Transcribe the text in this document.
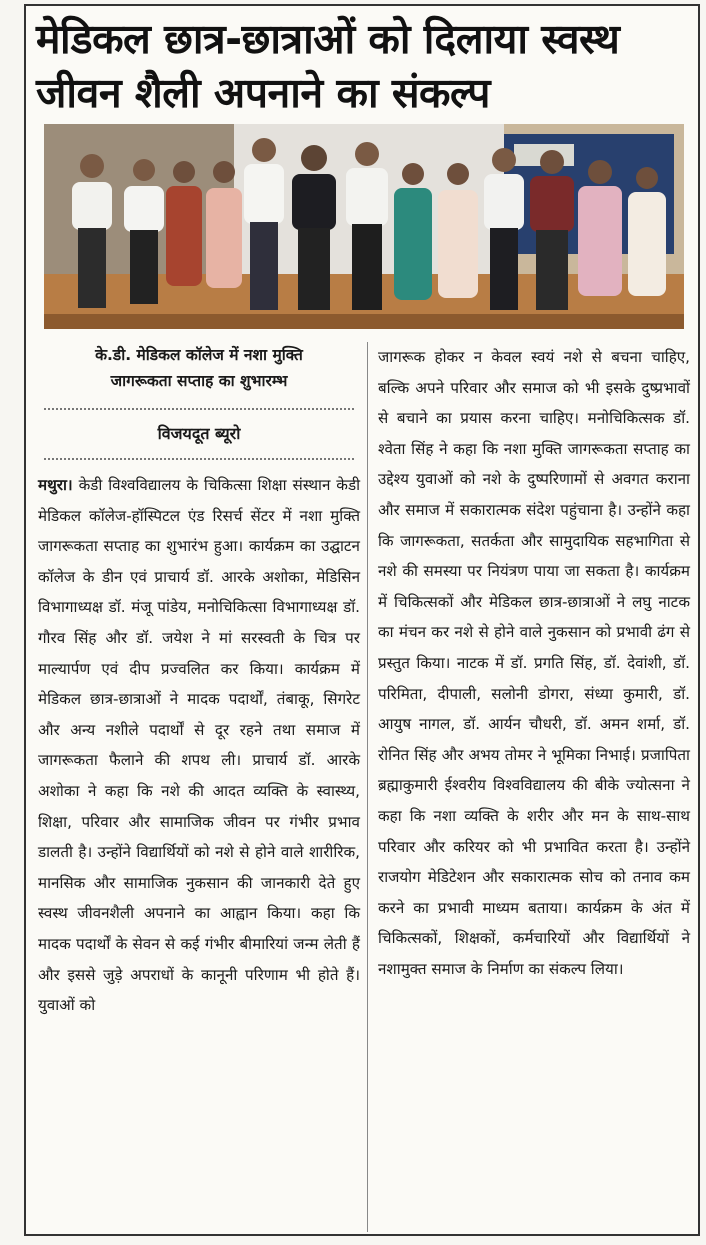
मेडिकल छात्र-छात्राओं को दिलाया स्वस्थ
जीवन शैली अपनाने का संकल्प

के.डी. मेडिकल कॉलेज में नशा मुक्ति
जागरूकता सप्ताह का शुभारम्भ

विजयदूत ब्यूरो

मथुरा। केडी विश्वविद्यालय के चिकित्सा शिक्षा संस्थान केडी मेडिकल कॉलेज-हॉस्पिटल एंड रिसर्च सेंटर में नशा मुक्ति जागरूकता सप्ताह का शुभारंभ हुआ। कार्यक्रम का उद्घाटन कॉलेज के डीन एवं प्राचार्य डॉ. आरके अशोका, मेडिसिन विभागाध्यक्ष डॉ. मंजू पांडेय, मनोचिकित्सा विभागाध्यक्ष डॉ. गौरव सिंह और डॉ. जयेश ने मां सरस्वती के चित्र पर माल्यार्पण एवं दीप प्रज्वलित कर किया। कार्यक्रम में मेडिकल छात्र-छात्राओं ने मादक पदार्थों, तंबाकू, सिगरेट और अन्य नशीले पदार्थों से दूर रहने तथा समाज में जागरूकता फैलाने की शपथ ली। प्राचार्य डॉ. आरके अशोका ने कहा कि नशे की आदत व्यक्ति के स्वास्थ्य, शिक्षा, परिवार और सामाजिक जीवन पर गंभीर प्रभाव डालती है। उन्होंने विद्यार्थियों को नशे से होने वाले शारीरिक, मानसिक और सामाजिक नुकसान की जानकारी देते हुए स्वस्थ जीवनशैली अपनाने का आह्वान किया। कहा कि मादक पदार्थों के सेवन से कई गंभीर बीमारियां जन्म लेती हैं और इससे जुड़े अपराधों के कानूनी परिणाम भी होते हैं। युवाओं को

जागरूक होकर न केवल स्वयं नशे से बचना चाहिए, बल्कि अपने परिवार और समाज को भी इसके दुष्प्रभावों से बचाने का प्रयास करना चाहिए। मनोचिकित्सक डॉ. श्वेता सिंह ने कहा कि नशा मुक्ति जागरूकता सप्ताह का उद्देश्य युवाओं को नशे के दुष्परिणामों से अवगत कराना और समाज में सकारात्मक संदेश पहुंचाना है। उन्होंने कहा कि जागरूकता, सतर्कता और सामुदायिक सहभागिता से नशे की समस्या पर नियंत्रण पाया जा सकता है। कार्यक्रम में चिकित्सकों और मेडिकल छात्र-छात्राओं ने लघु नाटक का मंचन कर नशे से होने वाले नुकसान को प्रभावी ढंग से प्रस्तुत किया। नाटक में डॉ. प्रगति सिंह, डॉ. देवांशी, डॉ. परिमिता, दीपाली, सलोनी डोगरा, संध्या कुमारी, डॉ. आयुष नागल, डॉ. आर्यन चौधरी, डॉ. अमन शर्मा, डॉ. रोनित सिंह और अभय तोमर ने भूमिका निभाई। प्रजापिता ब्रह्माकुमारी ईश्वरीय विश्वविद्यालय की बीके ज्योत्सना ने कहा कि नशा व्यक्ति के शरीर और मन के साथ-साथ परिवार और करियर को भी प्रभावित करता है। उन्होंने राजयोग मेडिटेशन और सकारात्मक सोच को तनाव कम करने का प्रभावी माध्यम बताया। कार्यक्रम के अंत में चिकित्सकों, शिक्षकों, कर्मचारियों और विद्यार्थियों ने नशामुक्त समाज के निर्माण का संकल्प लिया।
